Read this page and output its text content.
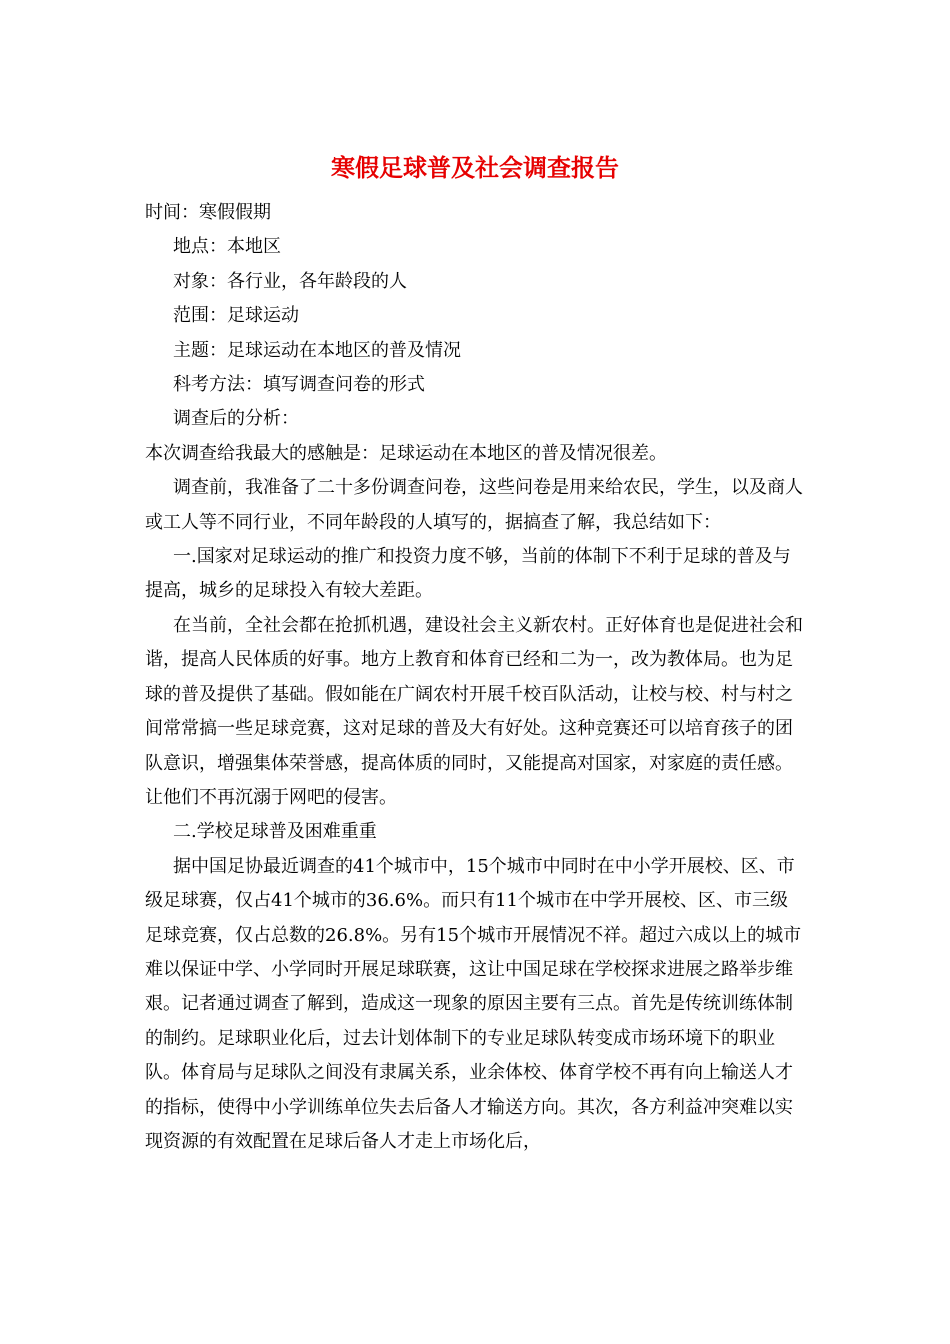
寒假足球普及社会调查报告

时间：寒假假期

地点：本地区

对象：各行业，各年龄段的人

范围：足球运动

主题：足球运动在本地区的普及情况

科考方法：填写调查问卷的形式

调查后的分析：

本次调查给我最大的感触是：足球运动在本地区的普及情况很差。

调查前，我准备了二十多份调查问卷，这些问卷是用来给农民，学生，以及商人或工人等不同行业，不同年龄段的人填写的，据搞查了解，我总结如下：

一.国家对足球运动的推广和投资力度不够，当前的体制下不利于足球的普及与提高，城乡的足球投入有较大差距。

在当前，全社会都在抢抓机遇，建设社会主义新农村。正好体育也是促进社会和谐，提高人民体质的好事。地方上教育和体育已经和二为一，改为教体局。也为足球的普及提供了基础。假如能在广阔农村开展千校百队活动，让校与校、村与村之间常常搞一些足球竞赛，这对足球的普及大有好处。这种竞赛还可以培育孩子的团队意识，增强集体荣誉感，提高体质的同时，又能提高对国家，对家庭的责任感。让他们不再沉溺于网吧的侵害。

二.学校足球普及困难重重

据中国足协最近调查的41个城市中，15个城市中同时在中小学开展校、区、市级足球赛，仅占41个城市的36.6%。而只有11个城市在中学开展校、区、市三级足球竞赛，仅占总数的26.8%。另有15个城市开展情况不祥。超过六成以上的城市难以保证中学、小学同时开展足球联赛，这让中国足球在学校探求进展之路举步维艰。记者通过调查了解到，造成这一现象的原因主要有三点。首先是传统训练体制的制约。足球职业化后，过去计划体制下的专业足球队转变成市场环境下的职业队。体育局与足球队之间没有隶属关系，业余体校、体育学校不再有向上输送人才的指标，使得中小学训练单位失去后备人才输送方向。其次，各方利益冲突难以实现资源的有效配置在足球后备人才走上市场化后，
